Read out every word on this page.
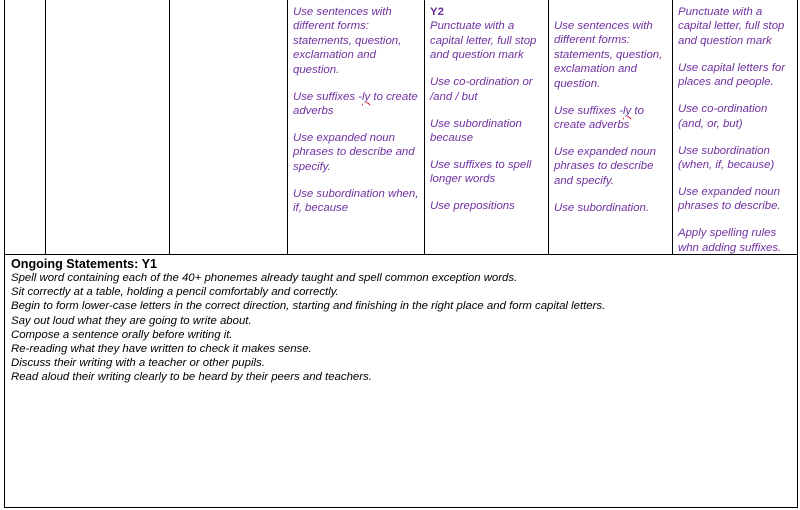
Use sentences with different forms: statements, question, exclamation and question.

Use suffixes -ly to create
adverbs

Use expanded noun phrases to describe and specify.

Use subordination when, if, because

Y2

Punctuate with a capital letter, full stop and question mark

Use co-ordination or /and / but

Use subordination because

Use suffixes to spell longer words

Use prepositions

Use sentences with different forms: statements, question, exclamation and question.

Use suffixes -ly to
create adverbs

Use expanded noun phrases to describe and specify.

Use subordination.

Punctuate with a capital letter, full stop and question mark

Use capital letters for places and people.

Use co-ordination (and, or, but)

Use subordination (when, if, because)

Use expanded noun phrases to describe.

Apply spelling rules whn adding suffixes.

Ongoing Statements: Y1
Spell word containing each of the 40+ phonemes already taught and spell common exception words.
Sit correctly at a table, holding a pencil comfortably and correctly.
Begin to form lower-case letters in the correct direction, starting and finishing in the right place and form capital letters.
Say out loud what they are going to write about.
Compose a sentence orally before writing it.
Re-reading what they have written to check it makes sense.
Discuss their writing with a teacher or other pupils.
Read aloud their writing clearly to be heard by their peers and teachers.
